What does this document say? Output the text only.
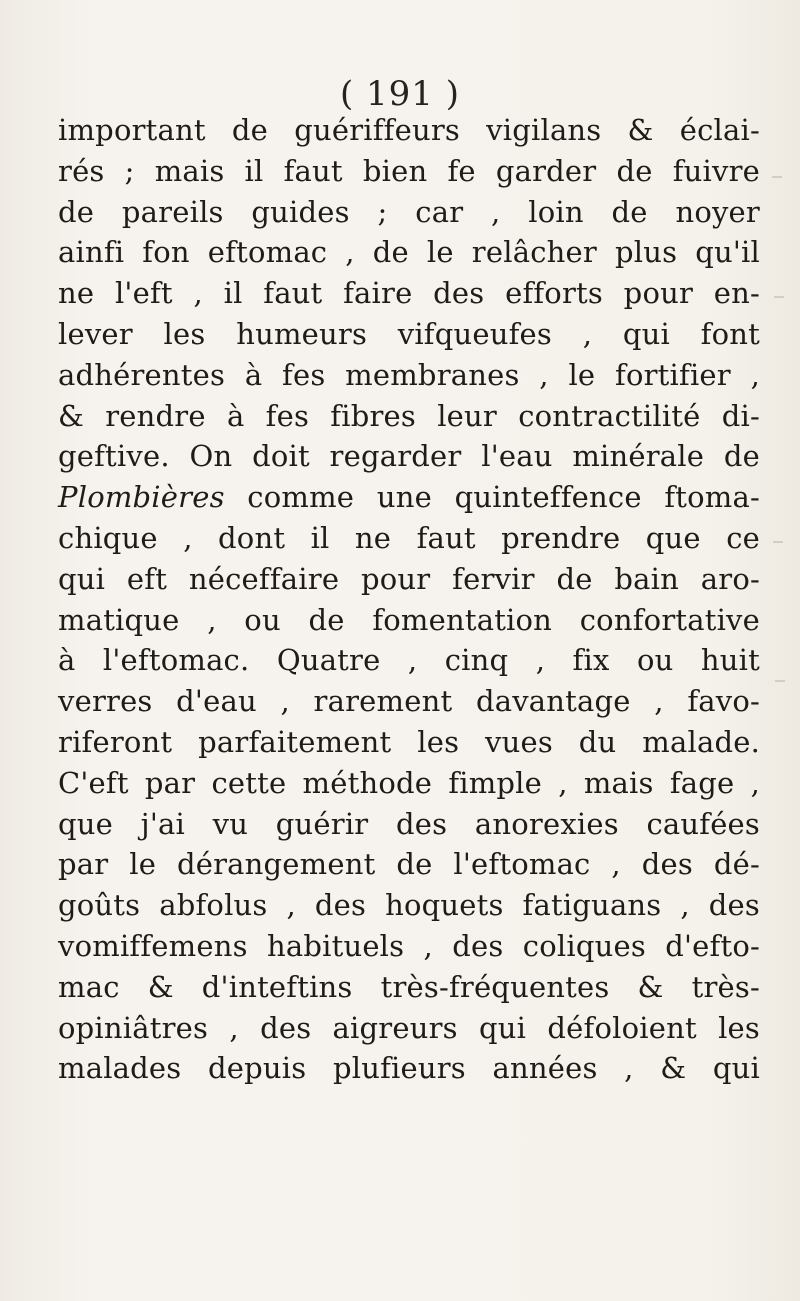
( 191 )
important de guériffeurs vigilans & éclai-
rés ; mais il faut bien fe garder de fuivre
de pareils guides ; car , loin de noyer
ainfi fon eftomac , de le relâcher plus qu'il
ne l'eft , il faut faire des efforts pour en-
lever les humeurs vifqueufes , qui font
adhérentes à fes membranes , le fortifier ,
& rendre à fes fibres leur contractilité di-
geftive. On doit regarder l'eau minérale de
Plombières comme une quinteffence ftoma-
chique , dont il ne faut prendre que ce
qui eft néceffaire pour fervir de bain aro-
matique , ou de fomentation confortative
à l'eftomac. Quatre , cinq , fix ou huit
verres d'eau , rarement davantage , favo-
riferont parfaitement les vues du malade.
C'eft par cette méthode fimple , mais fage ,
que j'ai vu guérir des anorexies caufées
par le dérangement de l'eftomac , des dé-
goûts abfolus , des hoquets fatiguans , des
vomiffemens habituels , des coliques d'efto-
mac & d'inteftins très-fréquentes & très-
opiniâtres , des aigreurs qui défoloient les
malades depuis plufieurs années , & qui
